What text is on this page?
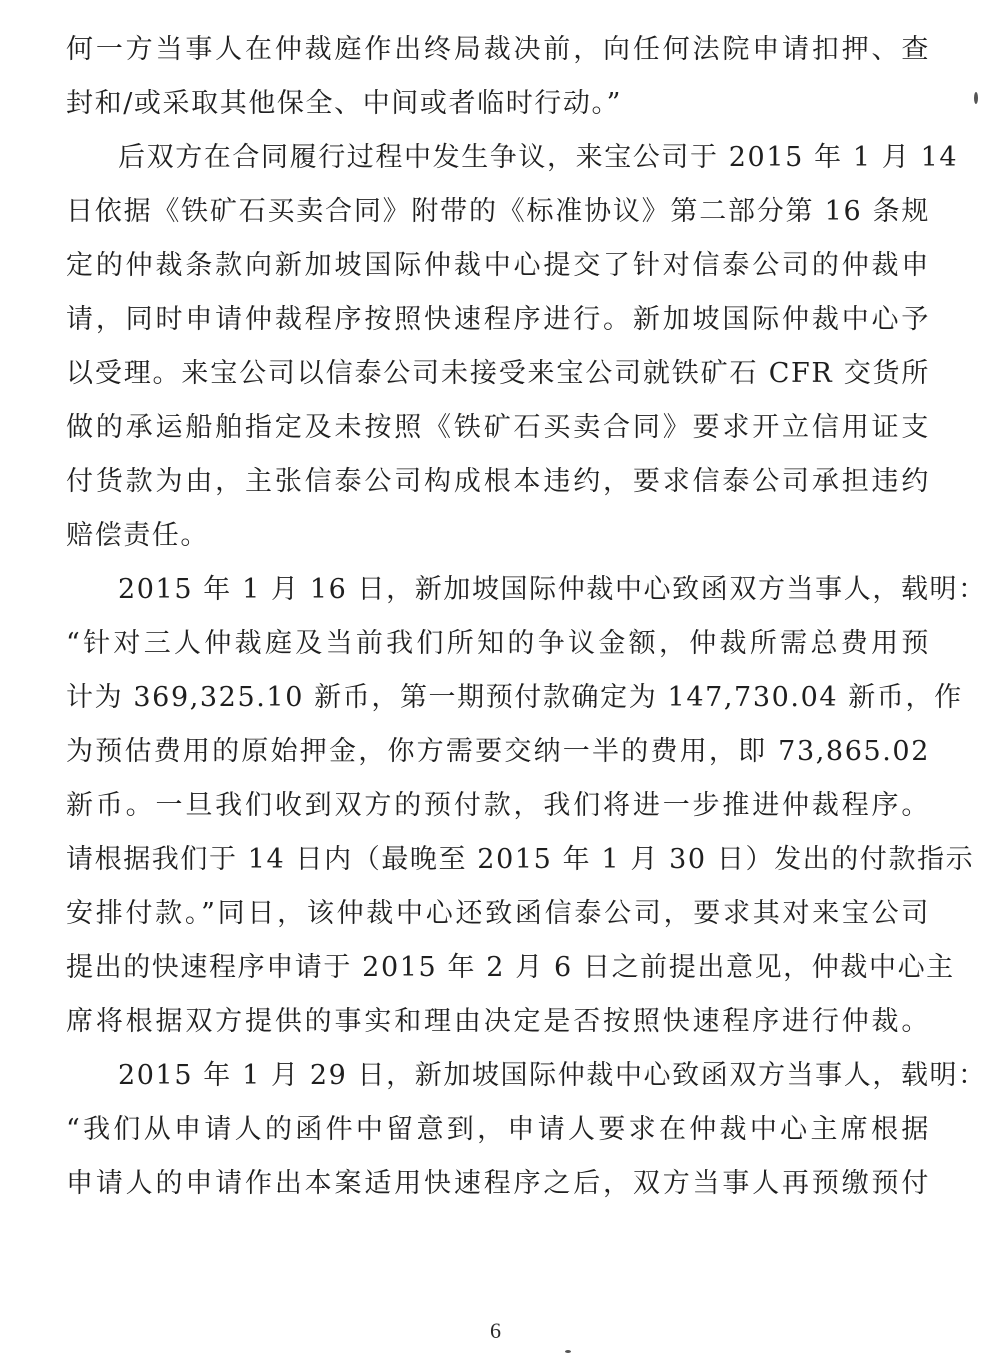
何一方当事人在仲裁庭作出终局裁决前，向任何法院申请扣押、查
封和/或采取其他保全、中间或者临时行动。”
后双方在合同履行过程中发生争议，来宝公司于 2015 年 1 月 14
日依据《铁矿石买卖合同》附带的《标准协议》第二部分第 16 条规
定的仲裁条款向新加坡国际仲裁中心提交了针对信泰公司的仲裁申
请，同时申请仲裁程序按照快速程序进行。新加坡国际仲裁中心予
以受理。来宝公司以信泰公司未接受来宝公司就铁矿石 CFR 交货所
做的承运船舶指定及未按照《铁矿石买卖合同》要求开立信用证支
付货款为由，主张信泰公司构成根本违约，要求信泰公司承担违约
赔偿责任。
2015 年 1 月 16 日，新加坡国际仲裁中心致函双方当事人，载明：
“针对三人仲裁庭及当前我们所知的争议金额，仲裁所需总费用预
计为 369,325.10 新币，第一期预付款确定为 147,730.04 新币，作
为预估费用的原始押金，你方需要交纳一半的费用，即 73,865.02
新币。一旦我们收到双方的预付款，我们将进一步推进仲裁程序。
请根据我们于 14 日内（最晚至 2015 年 1 月 30 日）发出的付款指示
安排付款。”同日，该仲裁中心还致函信泰公司，要求其对来宝公司
提出的快速程序申请于 2015 年 2 月 6 日之前提出意见，仲裁中心主
席将根据双方提供的事实和理由决定是否按照快速程序进行仲裁。
2015 年 1 月 29 日，新加坡国际仲裁中心致函双方当事人，载明：
“我们从申请人的函件中留意到，申请人要求在仲裁中心主席根据
申请人的申请作出本案适用快速程序之后，双方当事人再预缴预付
6
